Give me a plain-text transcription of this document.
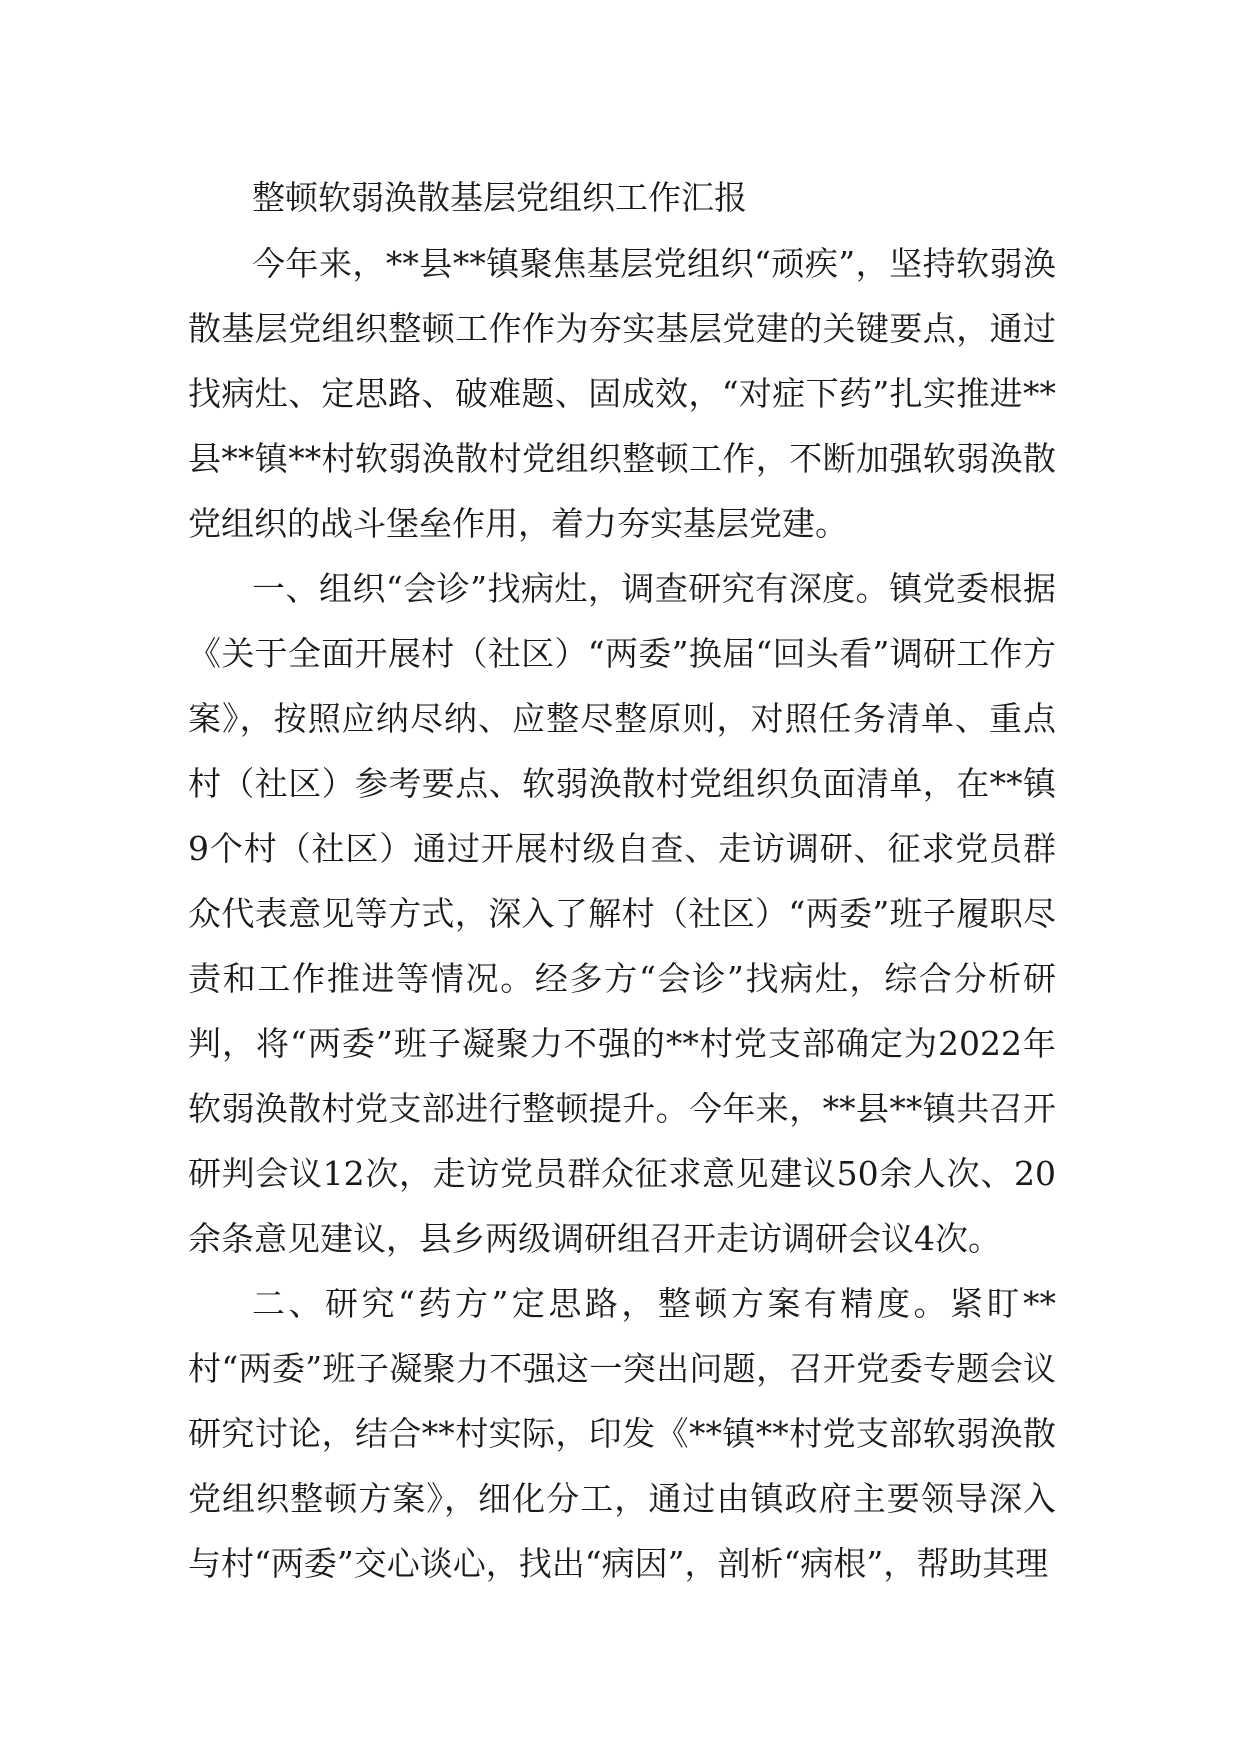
整顿软弱涣散基层党组织工作汇报

今年来，**县**镇聚焦基层党组织“顽疾”，坚持软弱涣散基层党组织整顿工作作为夯实基层党建的关键要点，通过找病灶、定思路、破难题、固成效，“对症下药”扎实推进**县**镇**村软弱涣散村党组织整顿工作，不断加强软弱涣散党组织的战斗堡垒作用，着力夯实基层党建。

一、组织“会诊”找病灶，调查研究有深度。镇党委根据《关于全面开展村（社区）“两委”换届“回头看”调研工作方案》，按照应纳尽纳、应整尽整原则，对照任务清单、重点村（社区）参考要点、软弱涣散村党组织负面清单，在**镇9个村（社区）通过开展村级自查、走访调研、征求党员群众代表意见等方式，深入了解村（社区）“两委”班子履职尽责和工作推进等情况。经多方“会诊”找病灶，综合分析研判，将“两委”班子凝聚力不强的**村党支部确定为2022年软弱涣散村党支部进行整顿提升。今年来，**县**镇共召开研判会议12次，走访党员群众征求意见建议50余人次、20余条意见建议，县乡两级调研组召开走访调研会议4次。

二、研究“药方”定思路，整顿方案有精度。紧盯**村“两委”班子凝聚力不强这一突出问题，召开党委专题会议研究讨论，结合**村实际，印发《**镇**村党支部软弱涣散党组织整顿方案》，细化分工，通过由镇政府主要领导深入与村“两委”交心谈心，找出“病因”，剖析“病根”，帮助其理
